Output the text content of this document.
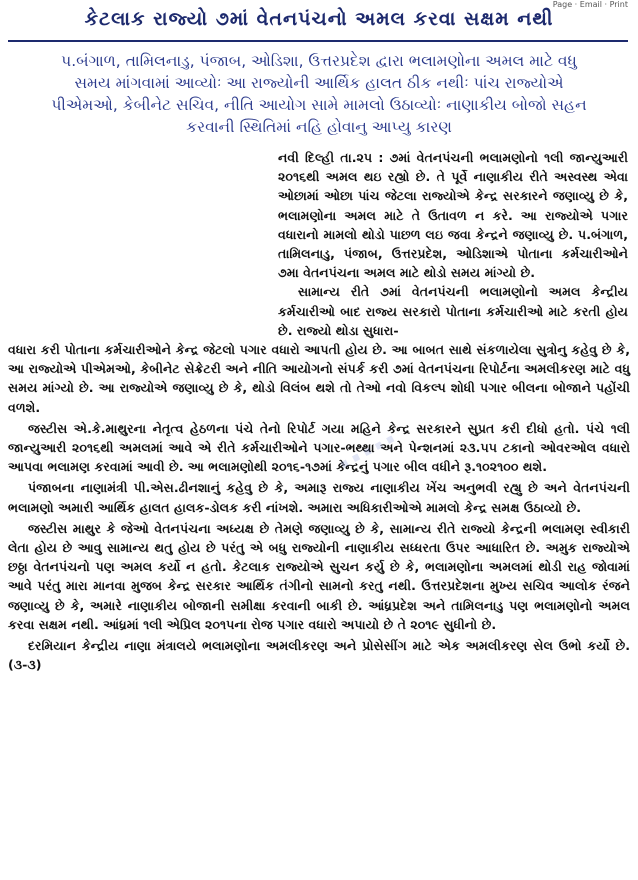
Page · Email · Print
કેટલાક રાજ્યો ૭માં વેતનપંચનો અમલ કરવા સક્ષમ નથી

પ.બંગાળ, તામિલનાડુ, પંજાબ, ઓડિશા, ઉત્તરપ્રદેશ દ્વારા ભલામણોના અમલ માટે વધુ

સમય માંગવામાં આવ્યોઃ આ રાજ્યોની આર્થિક હાલત ઠીક નથીઃ પાંચ રાજ્યોએ

પીએમઓ, કેબીનેટ સચિવ, નીતિ આયોગ સામે મામલો ઉઠાવ્યોઃ નાણાકીય બોજો સહન

કરવાની સ્થિતિમાં નહિ હોવાનુ આપ્યુ કારણ

નવી દિલ્હી તા.૨૫ : ૭માં વેતનપંચની ભલામણોનો ૧લી જાન્યુઆરી ૨૦૧૬થી અમલ થઇ રહ્યો છે. તે પૂર્વે નાણાકીય રીતે અસ્વસ્થ એવા ઓછામાં ઓછા પાંચ જેટલા રાજ્યોએ કેન્દ્ર સરકારને જણાવ્યુ છે કે, ભલામણોના અમલ માટે તે ઉતાવળ ન કરે. આ રાજ્યોએ પગાર વધારાનો મામલો થોડો પાછળ લઇ જવા કેન્દ્રને જણાવ્યુ છે. પ.બંગાળ, તામિલનાડુ, પંજાબ, ઉત્તરપ્રદેશ, ઓડિશાએ પોતાના કર્મચારીઓને ૭મા વેતનપંચના અમલ માટે થોડો સમય માંગ્યો છે.

સામાન્ય રીતે ૭માં વેતનપંચની ભલામણોનો અમલ કેન્દ્રીય કર્મચારીઓ બાદ રાજ્ય સરકારો પોતાના કર્મચારીઓ માટે કરતી હોય છે. રાજ્યો થોડા સુધારા-

વધારા કરી પોતાના કર્મચારીઓને કેન્દ્ર જેટલો પગાર વધારો આપતી હોય છે. આ બાબત સાથે સંકળાયેલા સુત્રોનુ કહેવુ છે કે, આ રાજ્યોએ પીએમઓ, કેબીનેટ સેક્રેટરી અને નીતિ આયોગનો સંપર્ક કરી ૭માં વેતનપંચના રિપોર્ટના અમલીકરણ માટે વધુ સમય માંગ્યો છે. આ રાજ્યોએ જણાવ્યુ છે કે, થોડો વિલંબ થશે તો તેઓ નવો વિકલ્પ શોધી પગાર બીલના બોજાને પહોંચી વળશે.

જસ્ટીસ એ.કે.માથુરના નેતૃત્વ હેઠળના પંચે તેનો રિપોર્ટ ગયા મહિને કેન્દ્ર સરકારને સુપ્રત કરી દીધો હતો. પંચે ૧લી જાન્યુઆરી ૨૦૧૬થી અમલમાં આવે એ રીતે કર્મચારીઓને પગાર-ભથ્થા અને પેન્શનમાં ૨૩.૫૫ ટકાનો ઓવરઓલ વધારો આપવા ભલામણ કરવામાં આવી છે. આ ભલામણોથી ૨૦૧૬-૧૭માં કેન્દ્રનું પગાર બીલ વધીને રૂ.૧૦૨૧૦૦ થશે.

પંજાબના નાણામંત્રી પી.એસ.ઢીનશાનું કહેવુ છે કે, અમારૂ રાજ્ય નાણાકીય ખેંચ અનુભવી રહ્યુ છે અને વેતનપંચની ભલામણો અમારી આર્થિક હાલત હાલક-ડોલક કરી નાંખશે. અમારા અધિકારીઓએ મામલો કેન્દ્ર સમક્ષ ઉઠાવ્યો છે.

જસ્ટીસ માથુર કે જેઓ વેતનપંચના અધ્યક્ષ છે તેમણે જણાવ્યુ છે કે, સામાન્ય રીતે રાજ્યો કેન્દ્રની ભલામણ સ્વીકારી લેતા હોય છે આવુ સામાન્ય થતુ હોય છે પરંતુ એ બધુ રાજ્યોની નાણાકીય સધ્ધરતા ઉપર આધારિત છે. અમુક રાજ્યોએ છઠ્ઠા વેતનપંચનો પણ અમલ કર્યો ન હતો. કેટલાક રાજ્યોએ સુચન કર્યુ છે કે, ભલામણોના અમલમાં થોડી રાહ જોવામાં આવે પરંતુ મારા માનવા મુજબ કેન્દ્ર સરકાર આર્થિક તંગીનો સામનો કરતુ નથી. ઉત્તરપ્રદેશના મુખ્ય સચિવ આલોક રંજને જણાવ્યુ છે કે, અમારે નાણાકીય બોજાની સમીક્ષા કરવાની બાકી છે. આંધ્રપ્રદેશ અને તામિલનાડુ પણ ભલામણોનો અમલ કરવા સક્ષમ નથી. આંધ્રમાં ૧લી એપ્રિલ ૨૦૧૫ના રોજ પગાર વધારો અપાયો છે તે ૨૦૧૯ સુધીનો છે.

દરમિયાન કેન્દ્રીય નાણા મંત્રાલયે ભલામણોના અમલીકરણ અને પ્રોસેસીંગ માટે એક અમલીકરણ સેલ ઉભો કર્યો છે.(૩-૩)

·····
